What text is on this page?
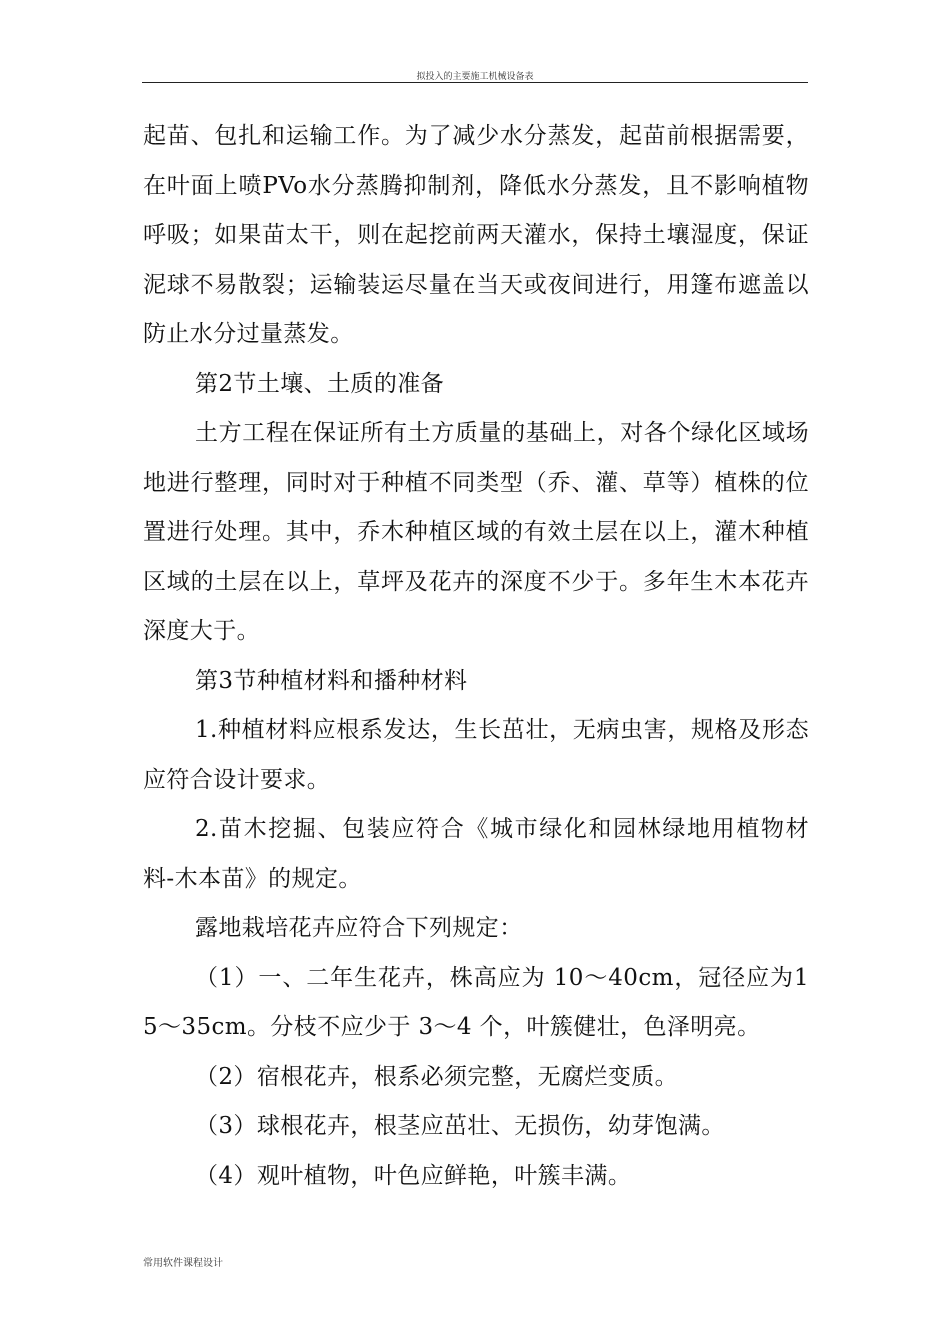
拟投入的主要施工机械设备表

起苗、包扎和运输工作。为了减少水分蒸发，起苗前根据需要，在叶面上喷PVo水分蒸腾抑制剂，降低水分蒸发，且不影响植物呼吸；如果苗太干，则在起挖前两天灌水，保持土壤湿度，保证泥球不易散裂；运输装运尽量在当天或夜间进行，用篷布遮盖以防止水分过量蒸发。

第2节土壤、土质的准备

土方工程在保证所有土方质量的基础上，对各个绿化区域场地进行整理，同时对于种植不同类型（乔、灌、草等）植株的位置进行处理。其中，乔木种植区域的有效土层在以上，灌木种植区域的土层在以上，草坪及花卉的深度不少于。多年生木本花卉深度大于。

第3节种植材料和播种材料

1.种植材料应根系发达，生长茁壮，无病虫害，规格及形态应符合设计要求。

2.苗木挖掘、包装应符合《城市绿化和园林绿地用植物材料-木本苗》的规定。

露地栽培花卉应符合下列规定：

（1）一、二年生花卉，株高应为 10～40cm，冠径应为15～35cm。分枝不应少于 3～4 个，叶簇健壮，色泽明亮。

（2）宿根花卉，根系必须完整，无腐烂变质。

（3）球根花卉，根茎应茁壮、无损伤，幼芽饱满。

（4）观叶植物，叶色应鲜艳，叶簇丰满。

常用软件课程设计
